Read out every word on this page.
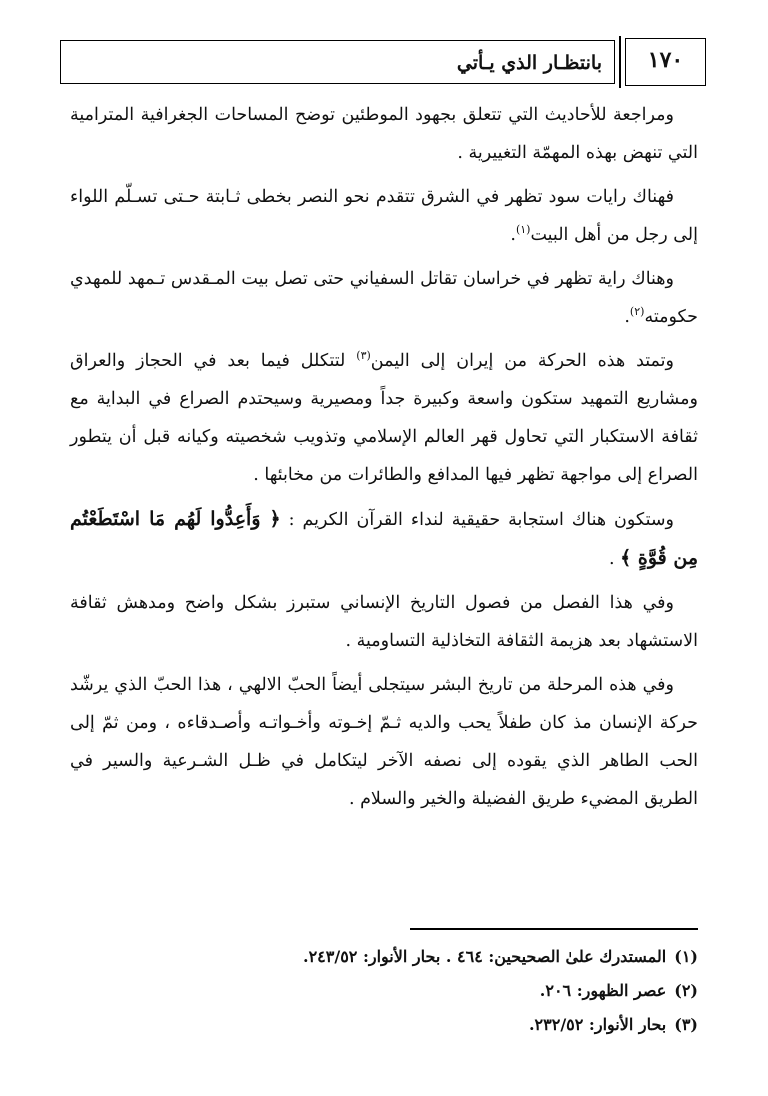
بانتظـار الذي يـأتي	١٧٠

ومراجعة للأحاديث التي تتعلق بجهود الموطئين توضح المساحات الجغرافية المترامية التي تنهض بهذه المهمّة التغييرية .

فهناك رايات سود تظهر في الشرق تتقدم نحو النصر بخطى ثـابتة حـتى تسـلّم اللواء إلى رجل من أهل البيت$^{(١)}$.

وهناك راية تظهر في خراسان تقاتل السفياني حتى تصل بيت المـقدس تـمهد للمهدي حكومته$^{(٢)}$.

وتمتد هذه الحركة من إيران إلى اليمن$^{(٣)}$ لتتكلل فيما بعد في الحجاز والعراق ومشاريع التمهيد ستكون واسعة وكبيرة جداً ومصيرية وسيحتدم الصراع في البداية مع ثقافة الاستكبار التي تحاول قهر العالم الإسلامي وتذويب شخصيته وكيانه قبل أن يتطور الصراع إلى مواجهة تظهر فيها المدافع والطائرات من مخابئها .

وستكون هناك استجابة حقيقية لنداء القرآن الكريم : ﴿ وَأَعِدُّوا لَهُم مَا اسْتَطَعْتُم مِن قُوَّةٍ ﴾ .

وفي هذا الفصل من فصول التاريخ الإنساني ستبرز بشكل واضح ومدهش ثقافة الاستشهاد بعد هزيمة الثقافة التخاذلية التساومية .

وفي هذه المرحلة من تاريخ البشر سيتجلى أيضاً الحبّ الالهي ، هذا الحبّ الذي يرشّد حركة الإنسان مذ كان طفلاً يحب والديه ثـمّ إخـوته وأخـواتـه وأصـدقاءه ، ومن ثمّ إلى الحب الطاهر الذي يقوده إلى نصفه الآخر ليتكامل في ظـل الشـرعية والسير في الطريق المضيء طريق الفضيلة والخير والسلام .

(١)المستدرك علىٰ الصحيحين: ٤٦٤ . بحار الأنوار: ٢٤٣/٥٢.

(٢)عصر الظهور: ٢٠٦.

(٣)بحار الأنوار: ٢٣٢/٥٢.
